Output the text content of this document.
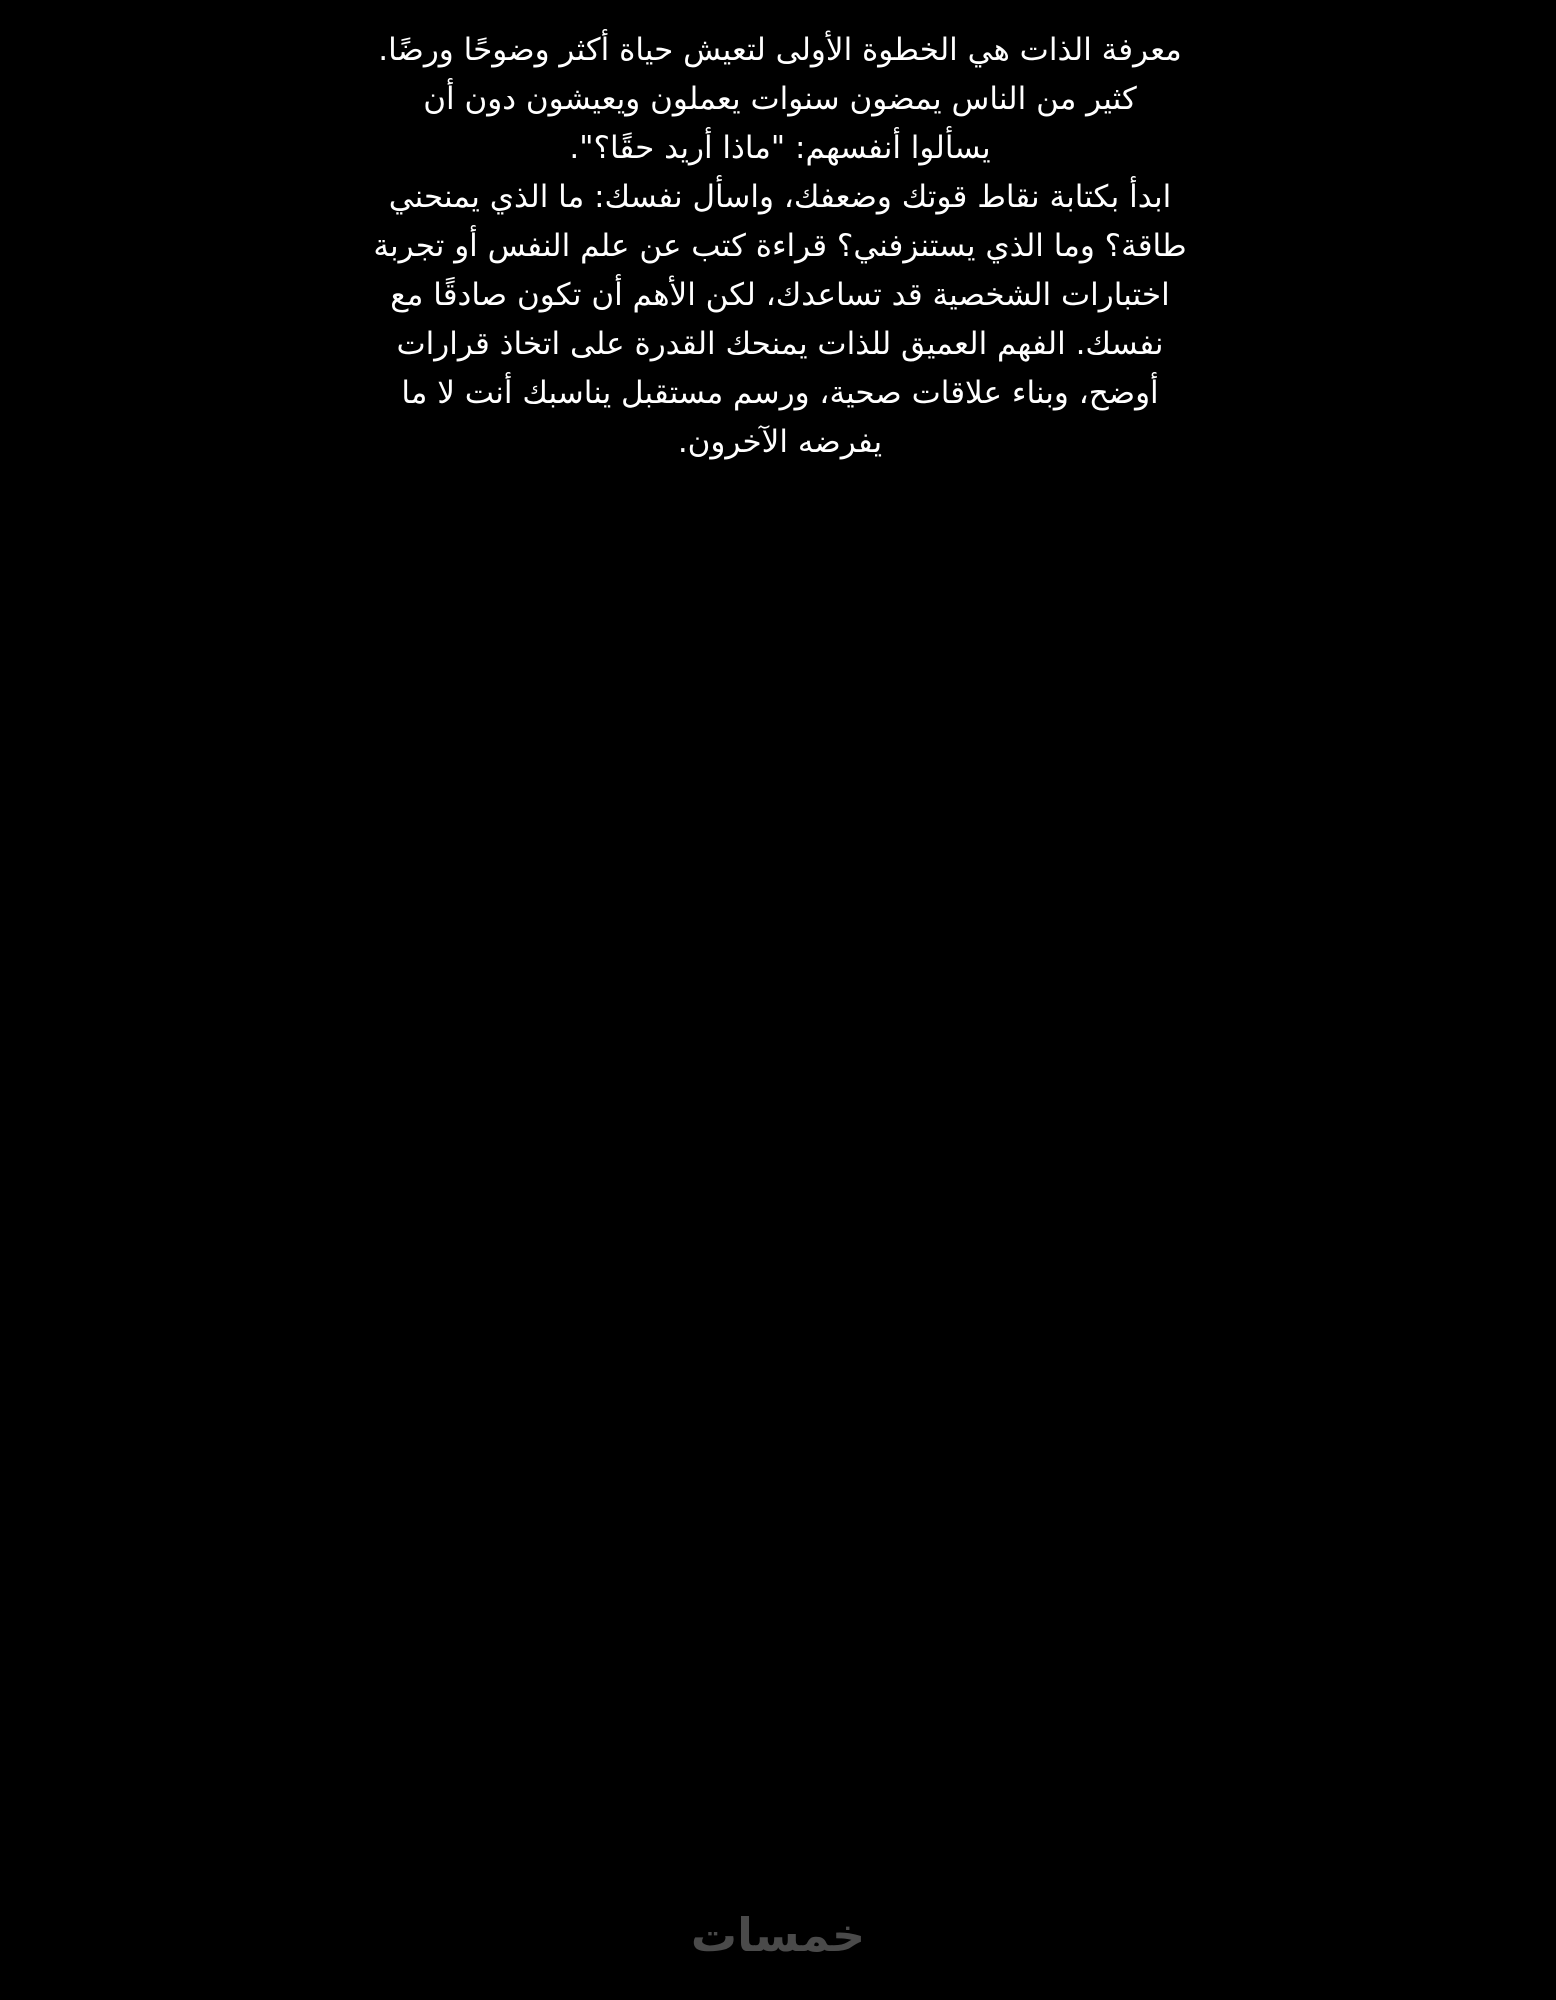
معرفة الذات هي الخطوة الأولى لتعيش حياة أكثر وضوحًا ورضًا.
كثير من الناس يمضون سنوات يعملون ويعيشون دون أن
يسألوا أنفسهم: "ماذا أريد حقًا؟".
ابدأ بكتابة نقاط قوتك وضعفك، واسأل نفسك: ما الذي يمنحني
طاقة؟ وما الذي يستنزفني؟ قراءة كتب عن علم النفس أو تجربة
اختبارات الشخصية قد تساعدك، لكن الأهم أن تكون صادقًا مع
نفسك. الفهم العميق للذات يمنحك القدرة على اتخاذ قرارات
أوضح، وبناء علاقات صحية، ورسم مستقبل يناسبك أنت لا ما
يفرضه الآخرون.
خمسات
